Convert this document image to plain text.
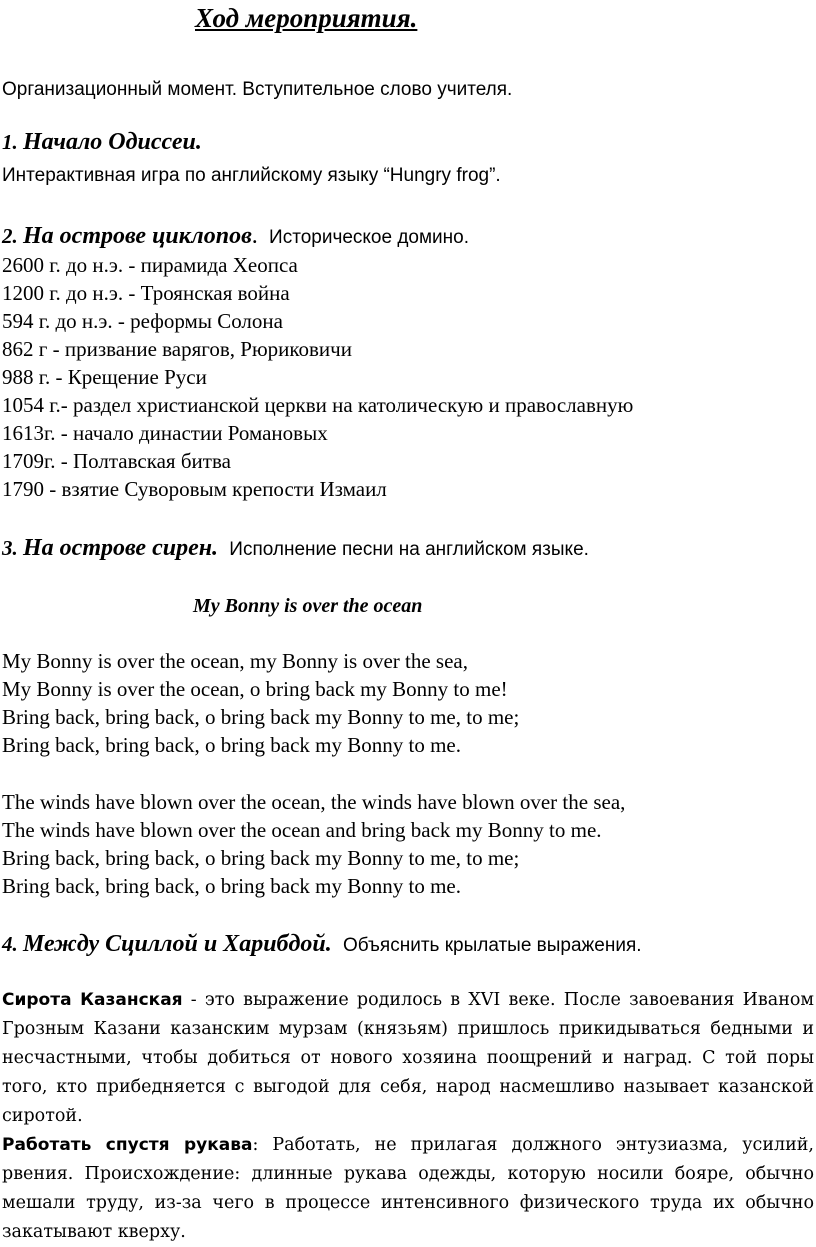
Ход мероприятия.
Организационный момент. Вступительное слово учителя.
1. Начало Одиссеи.
Интерактивная игра по английскому языку “Hungry frog”.
2. На острове циклопов. Историческое домино.
2600 г. до н.э. - пирамида Хеопса
1200 г. до н.э. - Троянская война
594 г. до н.э. - реформы Солона
862 г - призвание варягов, Рюриковичи
988 г. - Крещение Руси
1054 г.- раздел христианской церкви на католическую и православную
1613г. - начало династии Романовых
1709г. - Полтавская битва
1790 - взятие Суворовым крепости Измаил
3. На острове сирен. Исполнение песни на английском языке.
My Bonny is over the ocean
My Bonny is over the ocean, my Bonny is over the sea,
My Bonny is over the ocean, o bring back my Bonny to me!
Bring back, bring back, o bring back my Bonny to me, to me;
Bring back, bring back, o bring back my Bonny to me.
The winds have blown over the ocean, the winds have blown over the sea,
The winds have blown over the ocean and bring back my Bonny to me.
Bring back, bring back, o bring back my Bonny to me, to me;
Bring back, bring back, o bring back my Bonny to me.
4. Между Сциллой и Харибдой. Объяснить крылатые выражения.
Сирота Казанская - это выражение родилось в XVI веке. После завоевания Иваном Грозным Казани казанским мурзам (князьям) пришлось прикидываться бедными и несчастными, чтобы добиться от нового хозяина поощрений и наград. С той поры того, кто прибедняется с выгодой для себя, народ насмешливо называет казанской сиротой.
Работать спустя рукава: Работать, не прилагая должного энтузиазма, усилий, рвения. Происхождение: длинные рукава одежды, которую носили бояре, обычно мешали труду, из-за чего в процессе интенсивного физического труда их обычно закатывают кверху.
